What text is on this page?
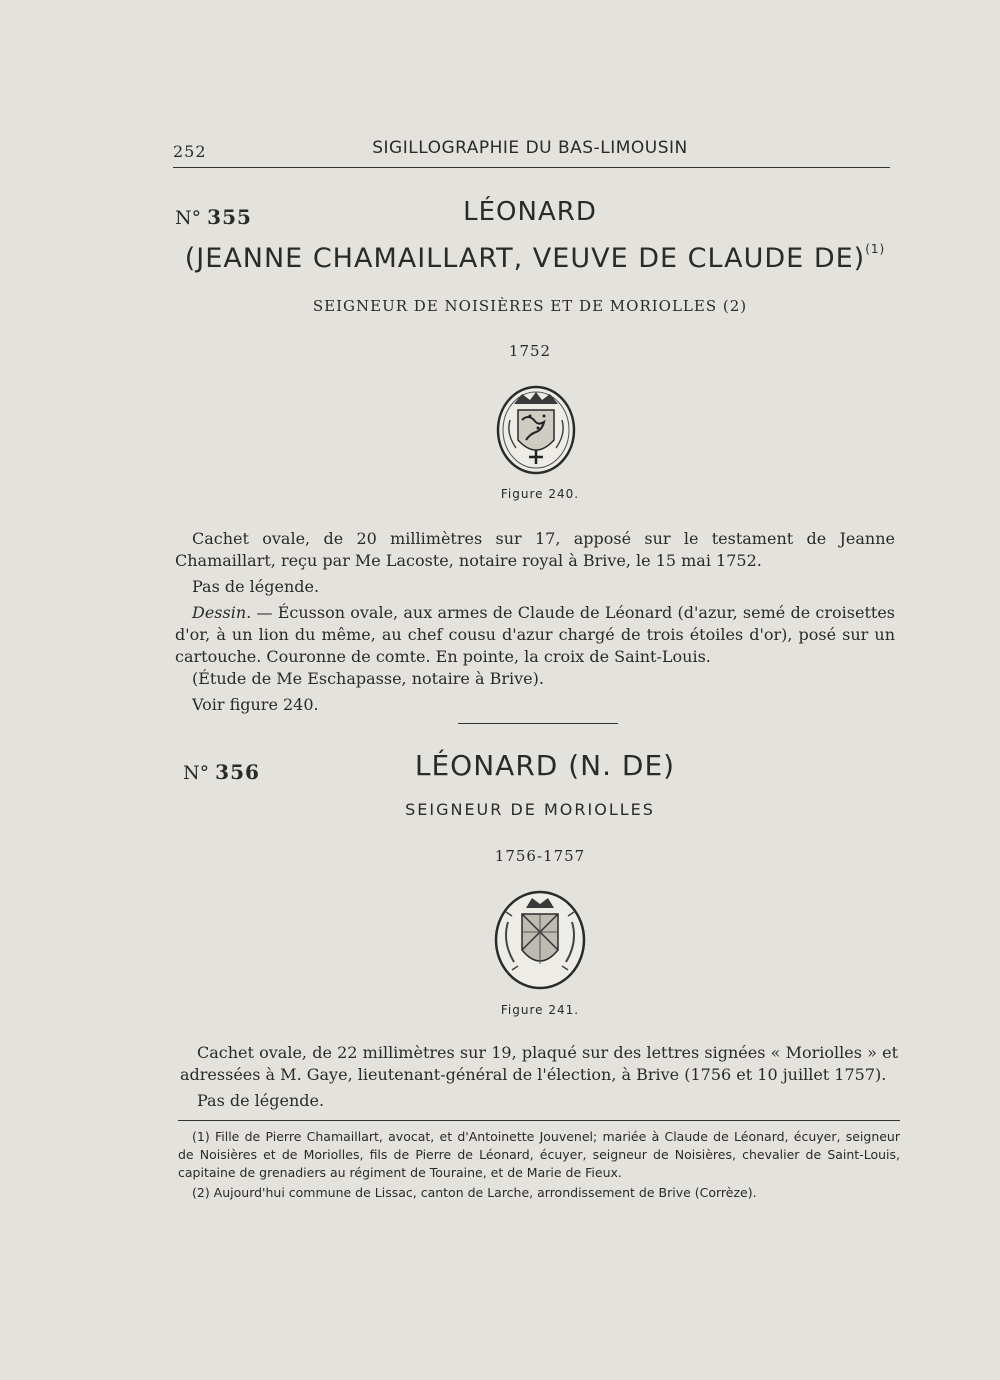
252	SIGILLOGRAPHIE DU BAS-LIMOUSIN
N° 355	LÉONARD
(JEANNE CHAMAILLART, VEUVE DE CLAUDE DE)$^{(1)}$
SEIGNEUR DE NOISIÈRES ET DE MORIOLLES (2)
1752
Figure 240.

Cachet ovale, de 20 millimètres sur 17, apposé sur le testament de Jeanne Chamaillart, reçu par Me Lacoste, notaire royal à Brive, le 15 mai 1752.

Pas de légende.

Dessin. — Écusson ovale, aux armes de Claude de Léonard (d'azur, semé de croisettes d'or, à un lion du même, au chef cousu d'azur chargé de trois étoiles d'or), posé sur un cartouche. Couronne de comte. En pointe, la croix de Saint-Louis.

(Étude de Me Eschapasse, notaire à Brive).

Voir figure 240.

N° 356	LÉONARD (N. DE)
SEIGNEUR DE MORIOLLES
1756-1757
Figure 241.

Cachet ovale, de 22 millimètres sur 19, plaqué sur des lettres signées « Moriolles » et adressées à M. Gaye, lieutenant-général de l'élection, à Brive (1756 et 10 juillet 1757).

Pas de légende.

(1) Fille de Pierre Chamaillart, avocat, et d'Antoinette Jouvenel; mariée à Claude de Léonard, écuyer, seigneur de Noisières et de Moriolles, fils de Pierre de Léonard, écuyer, seigneur de Noisières, chevalier de Saint-Louis, capitaine de grenadiers au régiment de Touraine, et de Marie de Fieux.

(2) Aujourd'hui commune de Lissac, canton de Larche, arrondissement de Brive (Corrèze).
